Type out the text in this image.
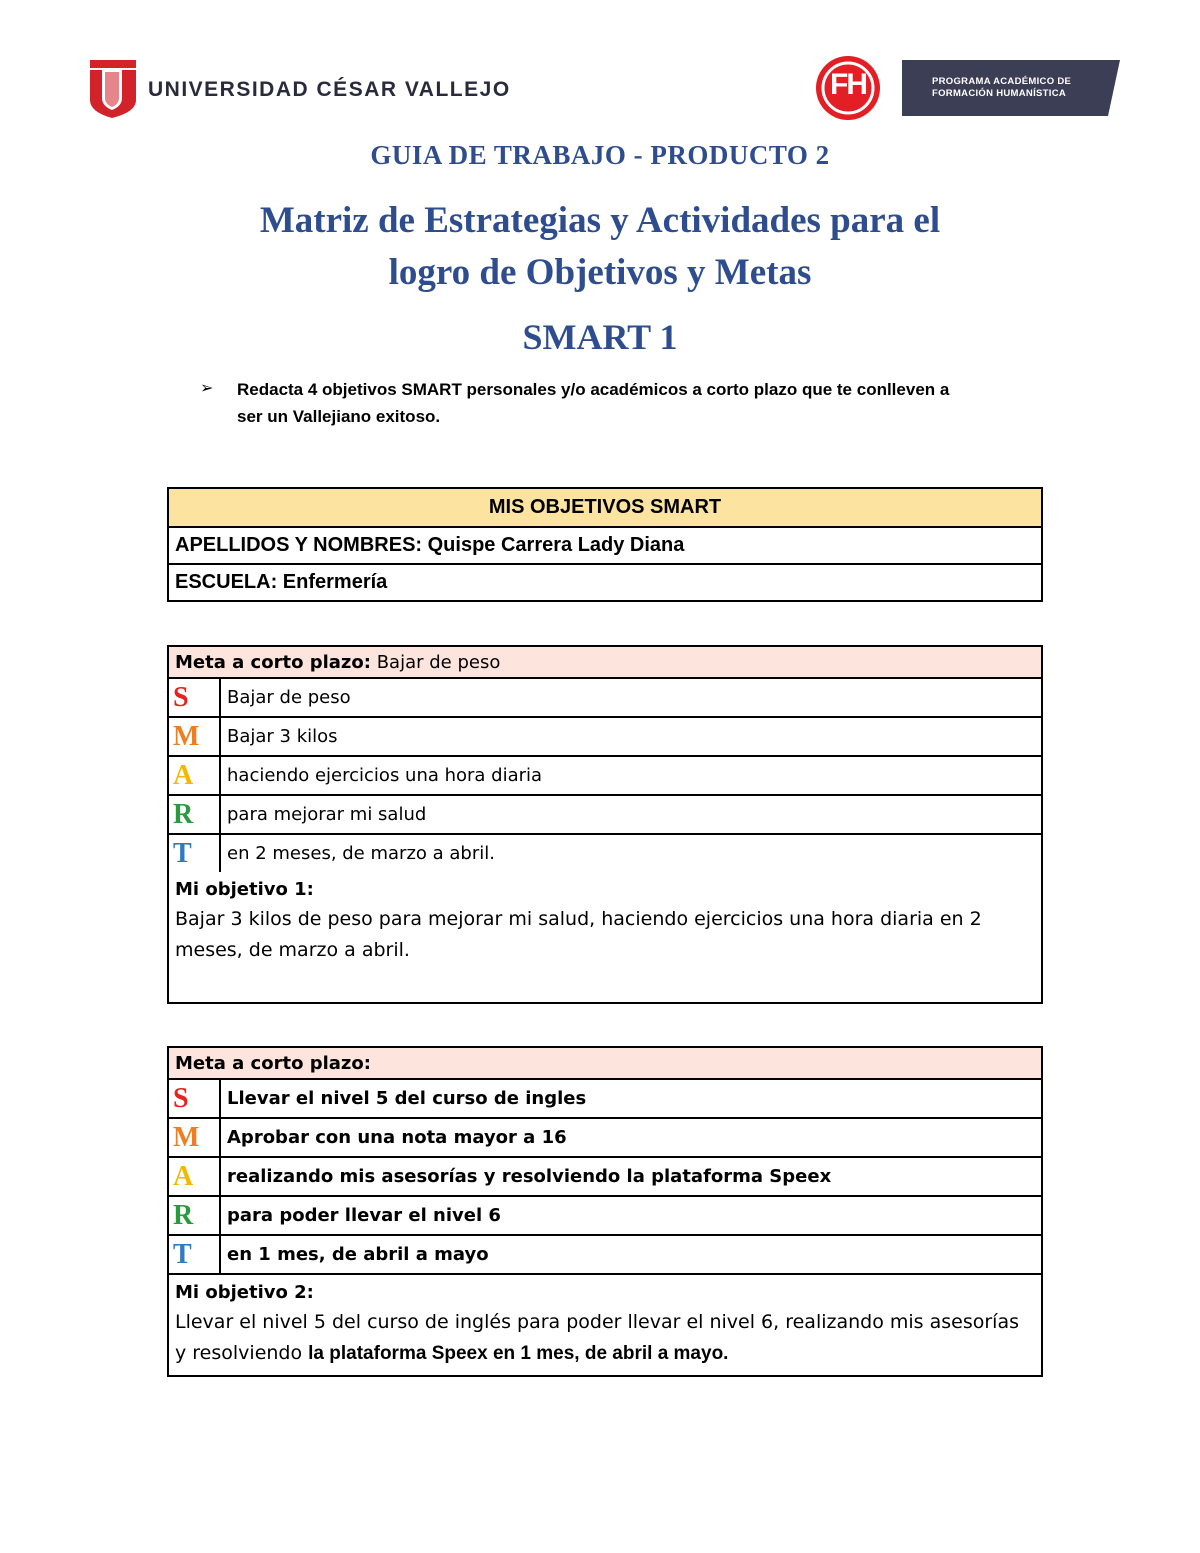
UNIVERSIDAD CÉSAR VALLEJO	FH	PROGRAMA ACADÉMICO DE
FORMACIÓN HUMANÍSTICA
GUIA DE TRABAJO - PRODUCTO 2
Matriz de Estrategias y Actividades para el
logro de Objetivos y Metas
SMART 1
➢ Redacta 4 objetivos SMART personales y/o académicos a corto plazo que te conlleven a ser un Vallejiano exitoso.
MIS OBJETIVOS SMART
APELLIDOS Y NOMBRES: Quispe Carrera Lady Diana
ESCUELA: Enfermería
Meta a corto plazo: Bajar de peso	
S	Bajar de peso
M	Bajar 3 kilos
A	haciendo ejercicios una hora diaria
R	para mejorar mi salud
T	en 2 meses, de marzo a abril.

Mi objetivo 1:
Bajar 3 kilos de peso para mejorar mi salud, haciendo ejercicios una hora diaria en 2 meses, de marzo a abril.	
Meta a corto plazo:	
S	Llevar el nivel 5 del curso de ingles
M	Aprobar con una nota mayor a 16
A	realizando mis asesorías y resolviendo la plataforma Speex
R	para poder llevar el nivel 6
T	en 1 mes, de abril a mayo

Mi objetivo 2:
Llevar el nivel 5 del curso de inglés para poder llevar el nivel 6, realizando mis asesorías y resolviendo la plataforma Speex en 1 mes, de abril a mayo.	
